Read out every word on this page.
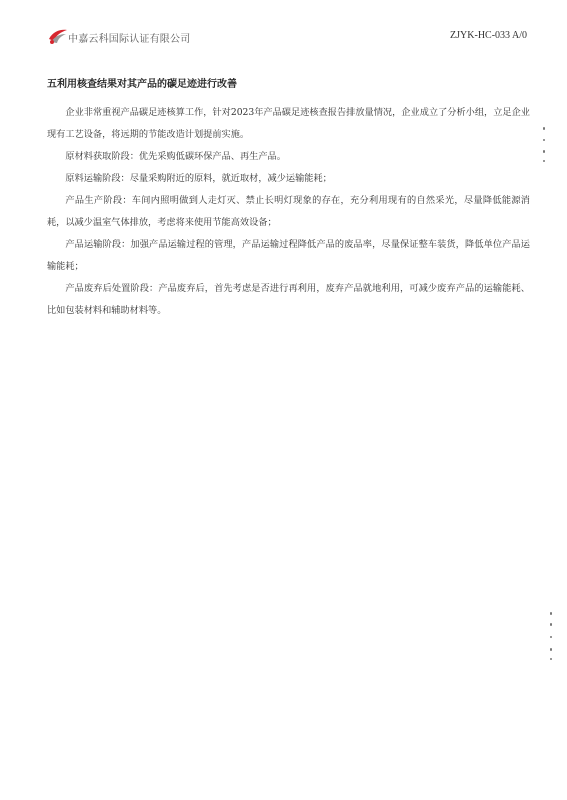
中嘉云科国际认证有限公司	ZJYK-HC-033 A/0
五利用核查结果对其产品的碳足迹进行改善

企业非常重视产品碳足迹核算工作，针对2023年产品碳足迹核查报告排放量情况，企业成立了分析小组，立足企业现有工艺设备，将远期的节能改造计划提前实施。

原材料获取阶段：优先采购低碳环保产品、再生产品。

原料运输阶段：尽量采购附近的原料，就近取材，减少运输能耗；

产品生产阶段：车间内照明做到人走灯灭、禁止长明灯现象的存在，充分利用现有的自然采光，尽量降低能源消耗，以减少温室气体排放，考虑将来使用节能高效设备；

产品运输阶段：加强产品运输过程的管理，产品运输过程降低产品的废品率，尽量保证整车装货，降低单位产品运输能耗；

产品废弃后处置阶段：产品废弃后，首先考虑是否进行再利用，废弃产品就地利用，可减少废弃产品的运输能耗、比如包装材料和辅助材料等。
